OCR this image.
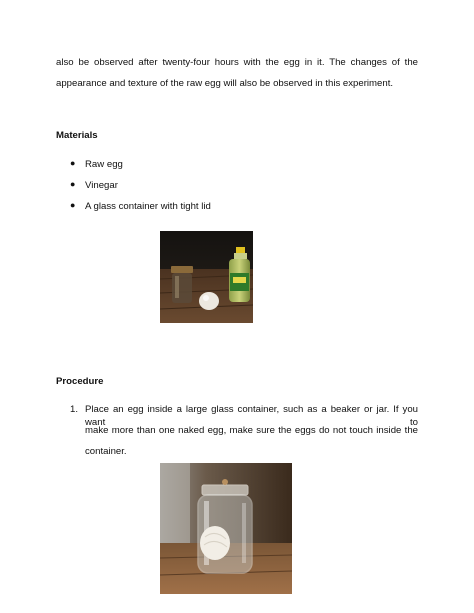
also be observed after twenty-four hours with the egg in it. The changes of the
appearance and texture of the raw egg will also be observed in this experiment.
Materials
● Raw egg
● Vinegar
● A glass container with tight lid
Procedure
1. Place an egg inside a large glass container, such as a beaker or jar. If you want to
make more than one naked egg, make sure the eggs do not touch inside the
container.
